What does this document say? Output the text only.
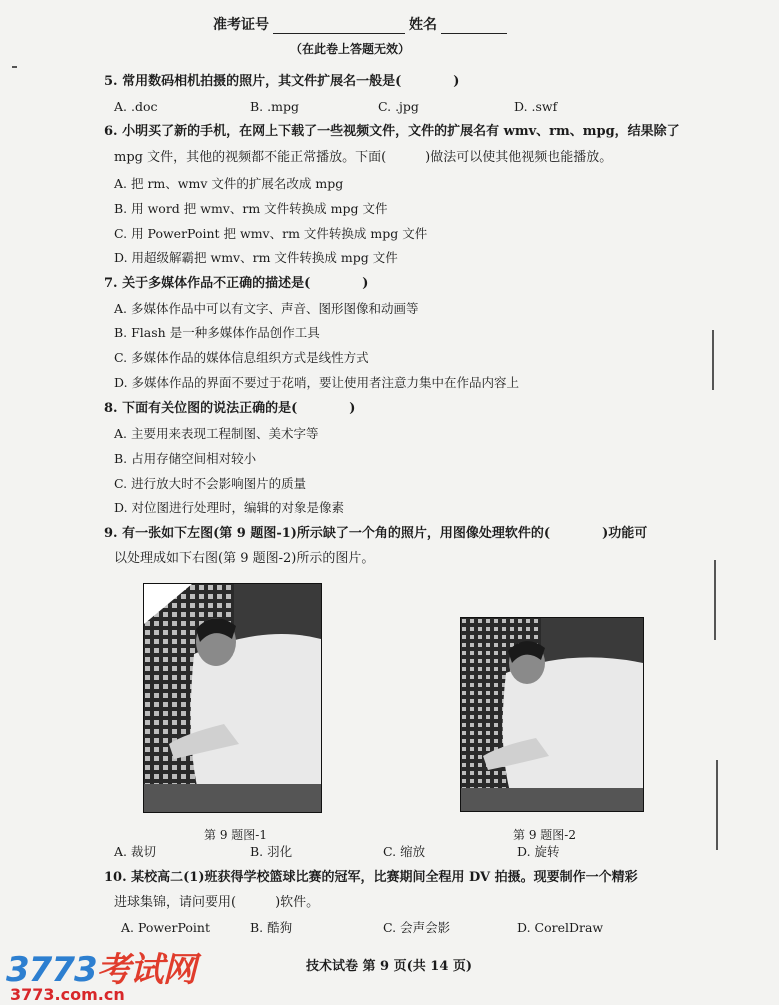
准考证号	姓名
（在此卷上答题无效）
5. 常用数码相机拍摄的照片，其文件扩展名一般是(　　　　)
A. .doc	B. .mpg	C. .jpg	D. .swf
6. 小明买了新的手机，在网上下载了一些视频文件，文件的扩展名有 wmv、rm、mpg，结果除了
mpg 文件，其他的视频都不能正常播放。下面(　　　)做法可以使其他视频也能播放。
A. 把 rm、wmv 文件的扩展名改成 mpg
B. 用 word 把 wmv、rm 文件转换成 mpg 文件
C. 用 PowerPoint 把 wmv、rm 文件转换成 mpg 文件
D. 用超级解霸把 wmv、rm 文件转换成 mpg 文件
7. 关于多媒体作品不正确的描述是(　　　　)
A. 多媒体作品中可以有文字、声音、图形图像和动画等
B. Flash 是一种多媒体作品创作工具
C. 多媒体作品的媒体信息组织方式是线性方式
D. 多媒体作品的界面不要过于花哨，要让使用者注意力集中在作品内容上
8. 下面有关位图的说法正确的是(　　　　)
A. 主要用来表现工程制图、美术字等
B. 占用存储空间相对较小
C. 进行放大时不会影响图片的质量
D. 对位图进行处理时，编辑的对象是像素
9. 有一张如下左图(第 9 题图-1)所示缺了一个角的照片，用图像处理软件的(　　　　)功能可
以处理成如下右图(第 9 题图-2)所示的图片。
第 9 题图-1	第 9 题图-2
A. 裁切	B. 羽化	C. 缩放	D. 旋转
10. 某校高二(1)班获得学校篮球比赛的冠军，比赛期间全程用 DV 拍摄。现要制作一个精彩
进球集锦，请问要用(　　　)软件。
A. PowerPoint	B. 酷狗	C. 会声会影	D. CorelDraw
技术试卷 第 9 页(共 14 页)
3773考试网
3773.com.cn
